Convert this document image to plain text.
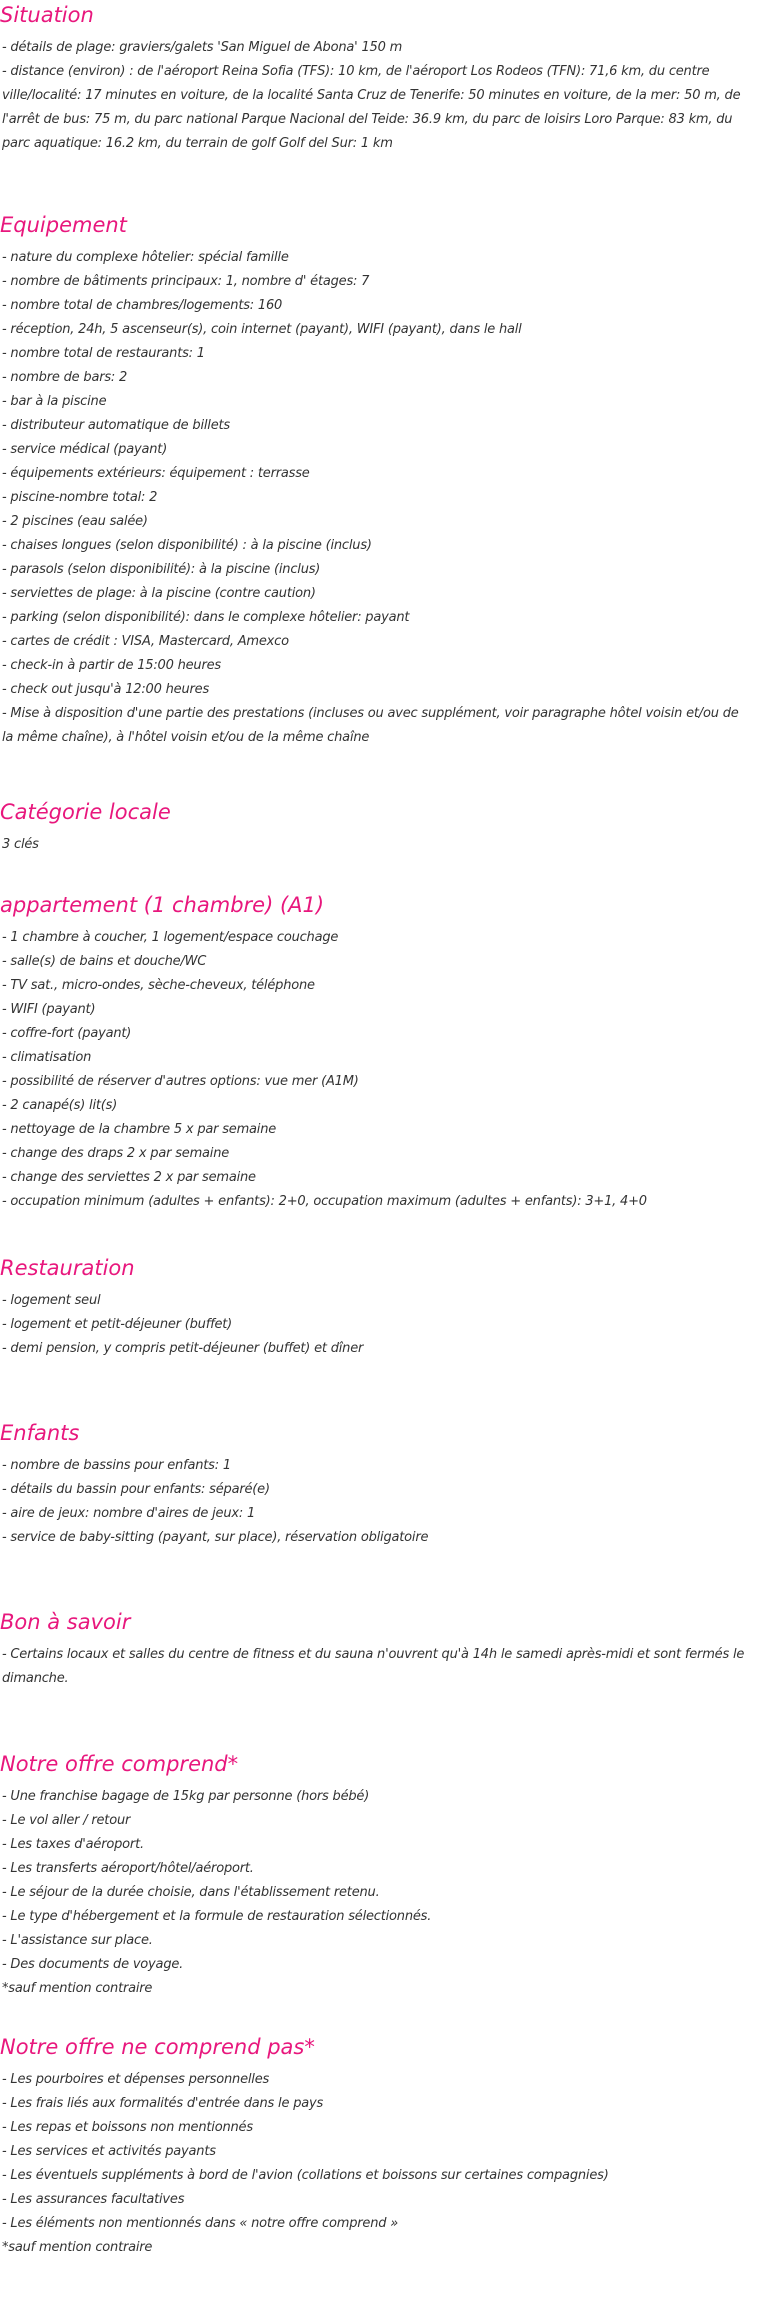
Situation
- détails de plage: graviers/galets 'San Miguel de Abona' 150 m
- distance (environ) : de l'aéroport Reina Sofia (TFS): 10 km, de l'aéroport Los Rodeos (TFN): 71,6 km, du centre ville/localité: 17 minutes en voiture, de la localité Santa Cruz de Tenerife: 50 minutes en voiture, de la mer: 50 m, de l'arrêt de bus: 75 m, du parc national Parque Nacional del Teide: 36.9 km, du parc de loisirs Loro Parque: 83 km, du parc aquatique: 16.2 km, du terrain de golf Golf del Sur: 1 km
Equipement
- nature du complexe hôtelier: spécial famille
- nombre de bâtiments principaux: 1, nombre d' étages: 7
- nombre total de chambres/logements: 160
- réception, 24h, 5 ascenseur(s), coin internet (payant), WIFI (payant), dans le hall
- nombre total de restaurants: 1
- nombre de bars: 2
- bar à la piscine
- distributeur automatique de billets
- service médical (payant)
- équipements extérieurs: équipement : terrasse
- piscine-nombre total: 2
- 2 piscines (eau salée)
- chaises longues (selon disponibilité) : à la piscine (inclus)
- parasols (selon disponibilité): à la piscine (inclus)
- serviettes de plage: à la piscine (contre caution)
- parking (selon disponibilité): dans le complexe hôtelier: payant
- cartes de crédit : VISA, Mastercard, Amexco
- check-in à partir de 15:00 heures
- check out jusqu'à 12:00 heures
- Mise à disposition d'une partie des prestations (incluses ou avec supplément, voir paragraphe hôtel voisin et/ou de la même chaîne), à l'hôtel voisin et/ou de la même chaîne
Catégorie locale
3 clés
appartement (1 chambre) (A1)
- 1 chambre à coucher, 1 logement/espace couchage
- salle(s) de bains et douche/WC
- TV sat., micro-ondes, sèche-cheveux, téléphone
- WIFI (payant)
- coffre-fort (payant)
- climatisation
- possibilité de réserver d'autres options: vue mer (A1M)
- 2 canapé(s) lit(s)
- nettoyage de la chambre 5 x par semaine
- change des draps 2 x par semaine
- change des serviettes 2 x par semaine
- occupation minimum (adultes + enfants): 2+0, occupation maximum (adultes + enfants): 3+1, 4+0
Restauration
- logement seul
- logement et petit-déjeuner (buffet)
- demi pension, y compris petit-déjeuner (buffet) et dîner
Enfants
- nombre de bassins pour enfants: 1
- détails du bassin pour enfants: séparé(e)
- aire de jeux: nombre d'aires de jeux: 1
- service de baby-sitting (payant, sur place), réservation obligatoire
Bon à savoir
- Certains locaux et salles du centre de fitness et du sauna n'ouvrent qu'à 14h le samedi après-midi et sont fermés le dimanche.
Notre offre comprend*
- Une franchise bagage de 15kg par personne (hors bébé)
- Le vol aller / retour
- Les taxes d'aéroport.
- Les transferts aéroport/hôtel/aéroport.
- Le séjour de la durée choisie, dans l'établissement retenu.
- Le type d'hébergement et la formule de restauration sélectionnés.
- L'assistance sur place.
- Des documents de voyage.
*sauf mention contraire
Notre offre ne comprend pas*
- Les pourboires et dépenses personnelles
- Les frais liés aux formalités d'entrée dans le pays
- Les repas et boissons non mentionnés
- Les services et activités payants
- Les éventuels suppléments à bord de l'avion (collations et boissons sur certaines compagnies)
- Les assurances facultatives
- Les éléments non mentionnés dans « notre offre comprend »
*sauf mention contraire
